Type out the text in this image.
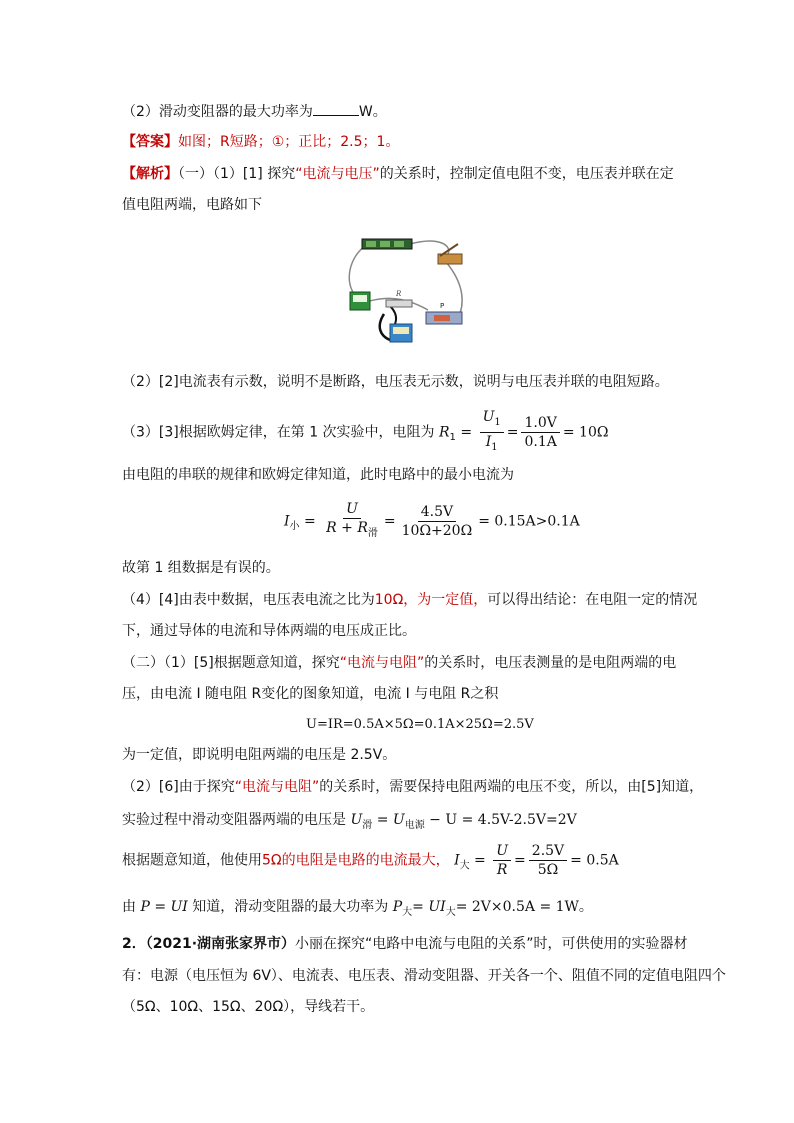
（2）滑动变阻器的最大功率为	W。
【答案】如图；R短路；①；正比；2.5；1。
【解析】（一）（1）[1] 探究“电流与电压”的关系时，控制定值电阻不变，电压表并联在定
值电阻两端，电路如下
R
P
（2）[2]电流表有示数，说明不是断路，电压表无示数，说明与电压表并联的电阻短路。
（3）[3]根据欧姆定律，在第 1 次实验中，电阻为 $R_1 = \frac{U_1}{I_1} = \frac{1.0V}{0.1A} = 10\Omega$
由电阻的串联的规律和欧姆定律知道，此时电路中的最小电流为
$I_小 = \frac{U}{R + R_滑} = \frac{4.5V}{10\Omega+20\Omega} = 0.15A>0.1A$
故第 1 组数据是有误的。
（4）[4]由表中数据，电压表电流之比为10Ω，为一定值，可以得出结论：在电阻一定的情况
下，通过导体的电流和导体两端的电压成正比。
（二）（1）[5]根据题意知道，探究“电流与电阻”的关系时，电压表测量的是电阻两端的电
压，由电流 I 随电阻 R变化的图象知道，电流 I 与电阻 R之积
U=IR=0.5A×5Ω=0.1A×25Ω=2.5V
为一定值，即说明电阻两端的电压是 2.5V。
（2）[6]由于探究“电流与电阻”的关系时，需要保持电阻两端的电压不变，所以，由[5]知道，
实验过程中滑动变阻器两端的电压是 $U_滑 = U_{电源} - U = 4.5V-2.5V=2V$
根据题意知道，他使用5Ω的电阻是电路的电流最大， $I_大 = \frac{U}{R} = \frac{2.5V}{5\Omega} = 0.5A$
由 P = UI 知道，滑动变阻器的最大功率为 $P_大= UI_大= 2V\times 0.5A = 1W$。
2．（2021·湖南张家界市）小丽在探究“电路中电流与电阻的关系”时，可供使用的实验器材
有：电源（电压恒为 6V）、电流表、电压表、滑动变阻器、开关各一个、阻值不同的定值电阻四个
（5Ω、10Ω、15Ω、20Ω），导线若干。
